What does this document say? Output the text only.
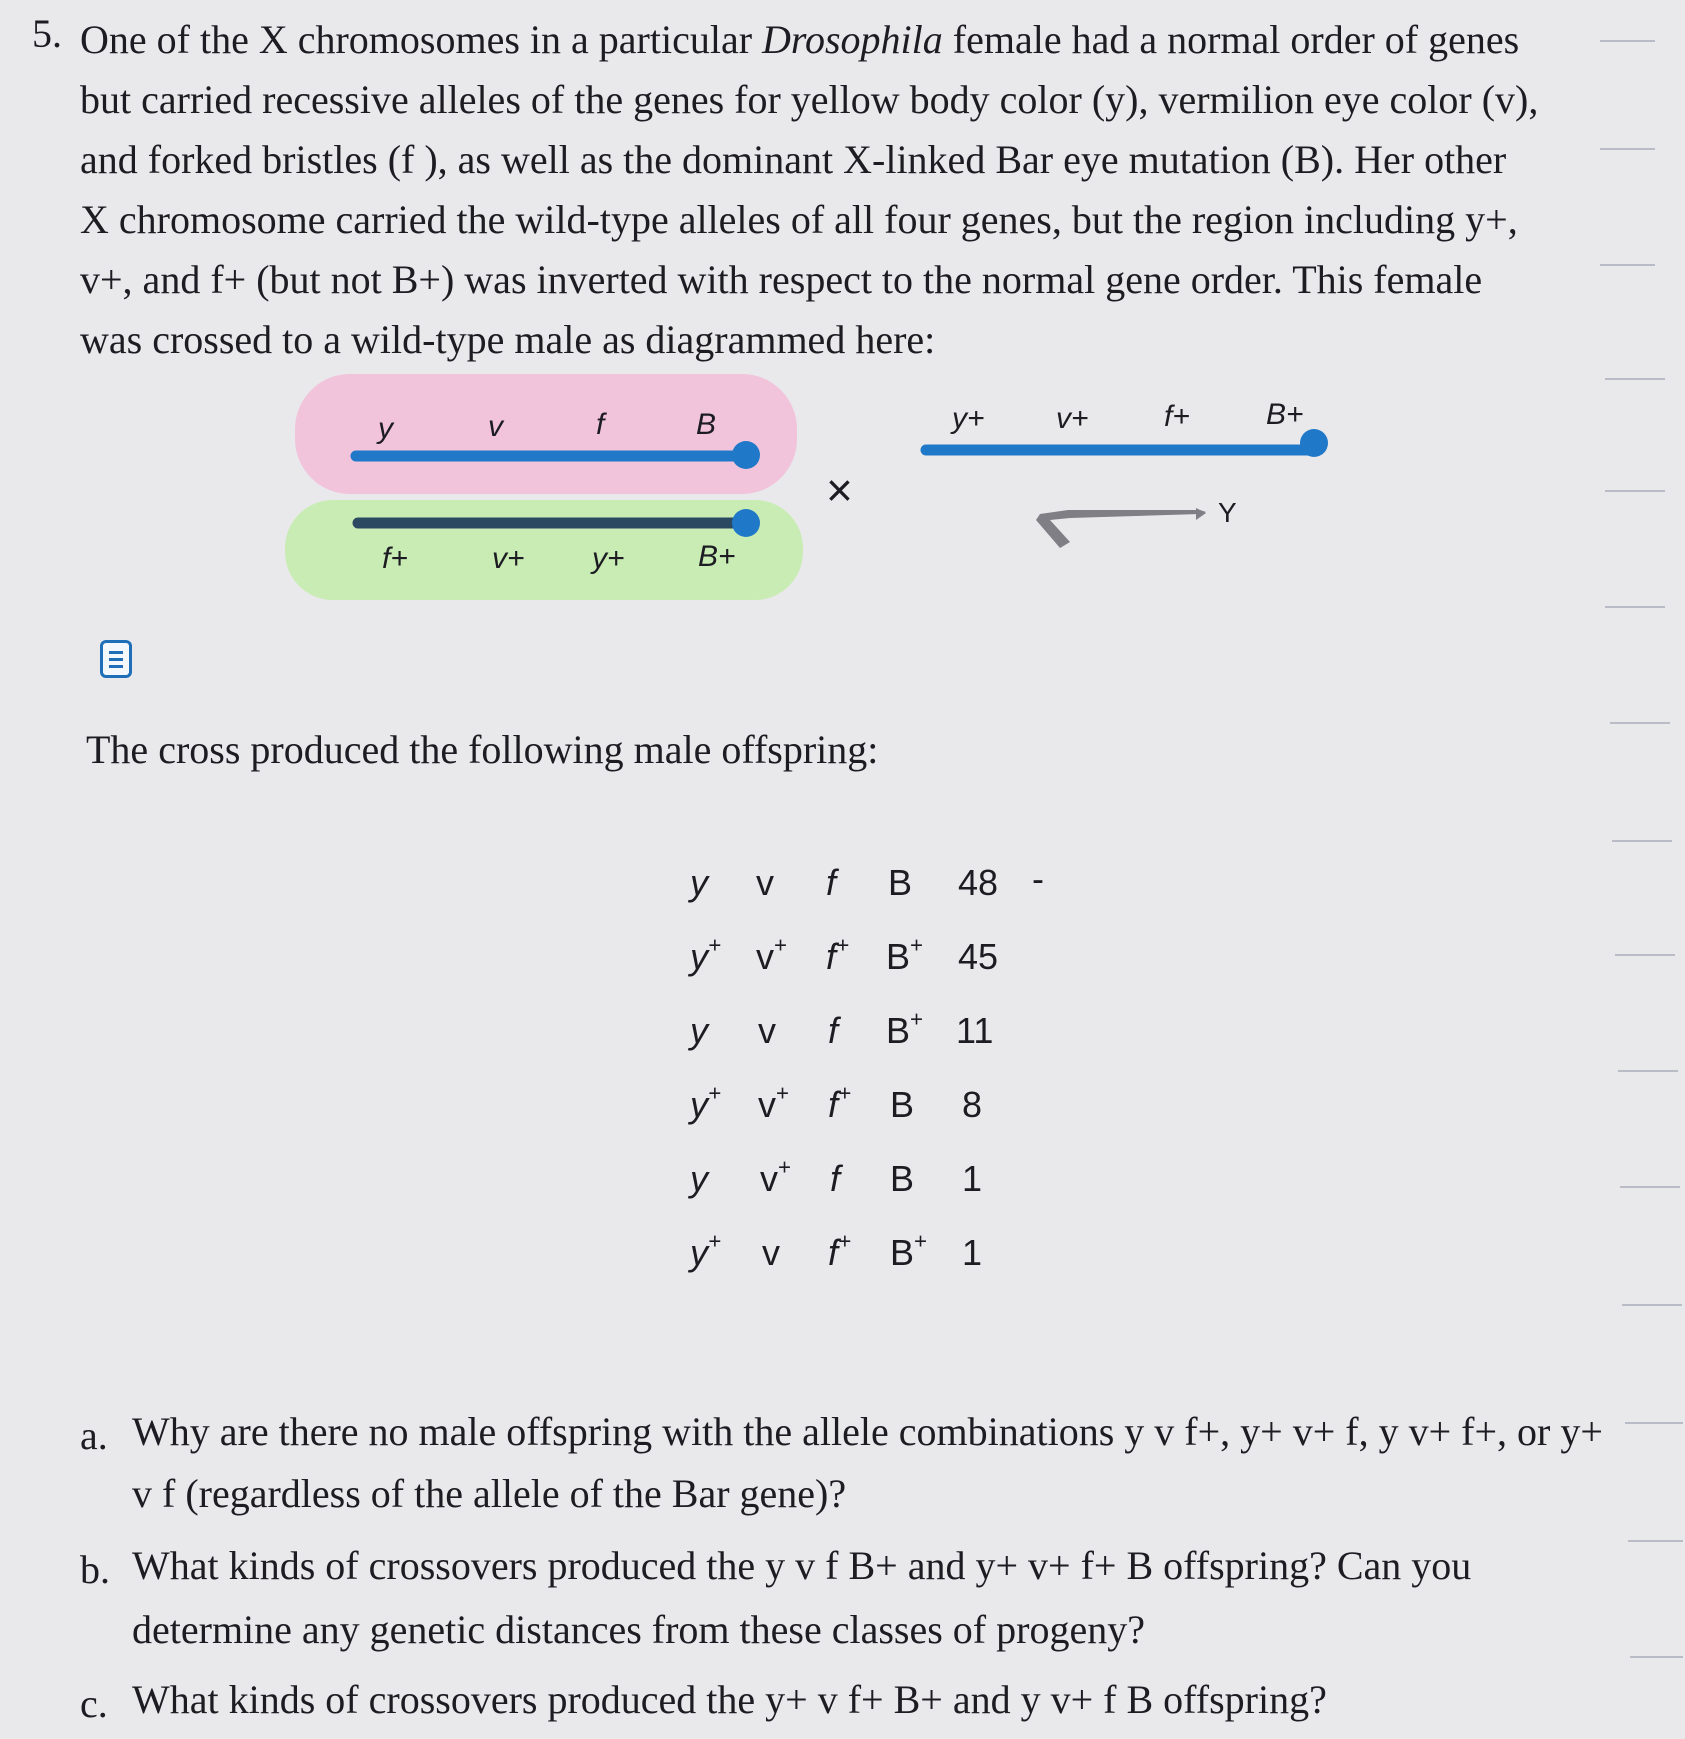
5. One of the X chromosomes in a particular Drosophila female had a normal order of genes
but carried recessive alleles of the genes for yellow body color (y), vermilion eye color (v),
and forked bristles (f ), as well as the dominant X-linked Bar eye mutation (B). Her other
X chromosome carried the wild-type alleles of all four genes, but the region including y+,
v+, and f+ (but not B+) was inverted with respect to the normal gene order. This female
was crossed to a wild-type male as diagrammed here:
y	v	f	B
f+	v+ y+ B+
y+ v+	f+	B+
×	Y
The cross produced the following male offspring:
y v f B 48 -
y+ v+ f+ B+ 45
y v f B+ 11
y+ v+ f+ B 8
y v+ f B 1
y+ v f+ B+ 1
a. Why are there no male offspring with the allele combinations y v f+, y+ v+ f, y v+ f+, or y+
v f (regardless of the allele of the Bar gene)?
b. What kinds of crossovers produced the y v f B+ and y+ v+ f+ B offspring? Can you
determine any genetic distances from these classes of progeny?
c. What kinds of crossovers produced the y+ v f+ B+ and y v+ f B offspring?
